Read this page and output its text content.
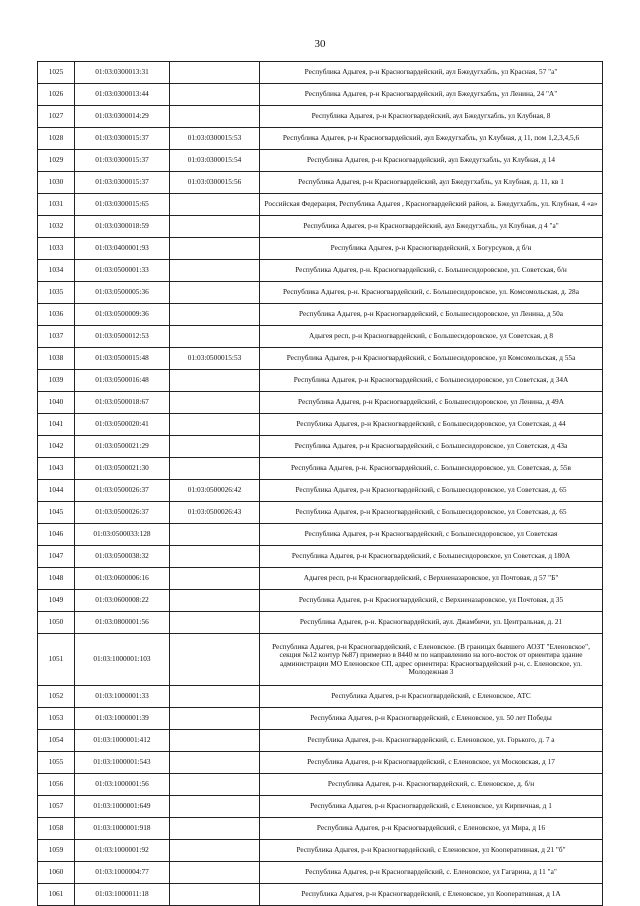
30
1025	01:03:0300013:31		Республика Адыгея, р-н Красногвардейский, аул Бжедугхабль, ул Красная, 57 "а"
1026	01:03:0300013:44		Республика Адыгея, р-н Красногвардейский, аул Бжедугхабль, ул Ленина, 24 "А"
1027	01:03:0300014:29		Республика Адыгея, р-н Красногвардейский, аул Бжедугхабль, ул Клубная, 8
1028	01:03:0300015:37	01:03:0300015:53	Республика Адыгея, р-н Красногвардейский, аул Бжедугхабль, ул Клубная, д 11, пом 1,2,3,4,5,6
1029	01:03:0300015:37	01:03:0300015:54	Республика Адыгея, р-н Красногвардейский, аул Бжедугхабль, ул Клубная, д 14
1030	01:03:0300015:37	01:03:0300015:56	Республика Адыгея, р-н Красногвардейский, аул Бжедугхабль, ул Клубная, д. 11, кв 1
1031	01:03:0300015:65		Российская Федерация, Республика Адыгея , Красногвардейский район, а. Бжедугхабль, ул. Клубная, 4 «а»
1032	01:03:0300018:59		Республика Адыгея, р-н Красногвардейский, аул Бжедугхабль, ул Клубная, д 4 "а"
1033	01:03:0400001:93		Республика Адыгея, р-н Красногвардейский, х Богурсуков, д б/н
1034	01:03:0500001:33		Республика Адыгея, р-н. Красногвардейский, с. Большесидоровское, ул. Советская, б/н
1035	01:03:0500005:36		Республика Адыгея, р-н. Красногвардейский, с. Большесидоровское, ул. Комсомольская, д. 28а
1036	01:03:0500009:36		Республика Адыгея, р-н Красногвардейский, с Большесидоровское, ул Ленина, д 50а
1037	01:03:0500012:53		Адыгея респ, р-н Красногвардейский, с Большесидоровское, ул Советская, д 8
1038	01:03:0500015:48	01:03:0500015:53	Республика Адыгея, р-н Красногвардейский, с Большесидоровское, ул Комсомольская, д 55а
1039	01:03:0500016:48		Республика Адыгея, р-н Красногвардейский, с Большесидоровское, ул Советская, д 34А
1040	01:03:0500018:67		Республика Адыгея, р-н Красногвардейский, с Большесидоровское, ул Ленина, д 49А
1041	01:03:0500020:41		Республика Адыгея, р-н Красногвардейский, с Большесидоровское, ул Советская, д 44
1042	01:03:0500021:29		Республика Адыгея, р-н Красногвардейский, с Большесидоровское, ул Советская, д 43а
1043	01:03:0500021:30		Республика Адыгея, р-н. Красногвардейский, с. Большесидоровское, ул. Советская, д. 55в
1044	01:03:0500026:37	01:03:0500026:42	Республика Адыгея, р-н Красногвардейский, с Большесидоровское, ул Советская, д. 65
1045	01:03:0500026:37	01:03:0500026:43	Республика Адыгея, р-н Красногвардейский, с Большесидоровское, ул Советская, д. 65
1046	01:03:0500033:128		Республика Адыгея, р-н Красногвардейский, с Большесидоровское, ул Советская
1047	01:03:0500038:32		Республика Адыгея, р-н Красногвардейский, с Большесидоровское, ул Советская, д 180А
1048	01:03:0600006:16		Адыгея респ, р-н Красногвардейский, с Верхненазаровское, ул Почтовая, д 57 "Б"
1049	01:03:0600008:22		Республика Адыгея, р-н Красногвардейский, с Верхненазаровское, ул Почтовая, д 35
1050	01:03:0800001:56		Республика Адыгея, р-н. Красногвардейский, аул. Джамбичи, ул. Центральная, д. 21
1051	01:03:1000001:103		Республика Адыгея, р-н Красногвардейский, с Еленовское. (В границах бывшего АОЗТ "Еленовское", секция №12 контур №87) примерно в 8440 м по направлению на юго-восток от ориентира здание администрации МО Еленовское СП, адрес ориентира: Красногвардейский р-н, с. Еленовское, ул. Молодежная 3
1052	01:03:1000001:33		Республика Адыгея, р-н Красногвардейский, с Еленовское, АТС
1053	01:03:1000001:39		Республика Адыгея, р-н Красногвардейский, с Еленовское, ул. 50 лет Победы
1054	01:03:1000001:412		Республика Адыгея, р-н. Красногвардейский, с. Еленовское, ул. Горького, д. 7 а
1055	01:03:1000001:543		Республика Адыгея, р-н Красногвардейский, с Еленовское, ул Московская, д 17
1056	01:03:1000001:56		Республика Адыгея, р-н. Красногвардейский, с. Еленовское, д. б/н
1057	01:03:1000001:649		Республика Адыгея, р-н Красногвардейский, с Еленовское, ул Кирпичная, д 1
1058	01:03:1000001:918		Республика Адыгея, р-н Красногвардейский, с Еленовское, ул Мира, д 16
1059	01:03:1000001:92		Республика Адыгея, р-н Красногвардейский, с Еленовское, ул Кооперативная, д 21 "б"
1060	01:03:1000004:77		Республика Адыгея, р-н Красногвардейский, с. Еленовское, ул Гагарина, д 11 "а"
1061	01:03:1000011:18		Республика Адыгея, р-н Красногвардейский, с Еленовское, ул Кооперативная, д 1А
